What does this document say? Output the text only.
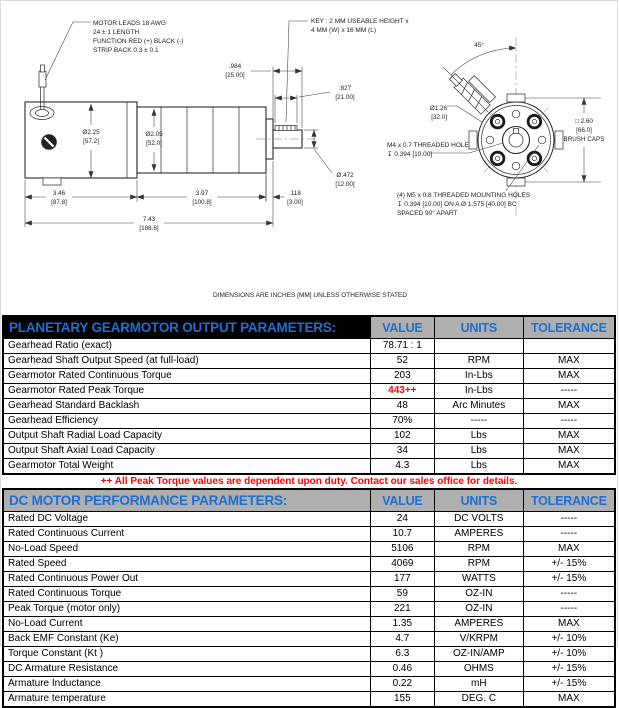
MOTOR LEADS 18 AWG
24 ± 1 LENGTH
FUNCTION RED (+) BLACK (-)
STRIP BACK 0.3 ± 0.1
KEY : 2 MM USEABLE HEIGHT x
4 MM (W) x 16 MM (L)
.984
[25.00]
.827
[21.00]
Ø.472
[12.00]
.118
[3.00]
3.46
[87.8]
3.97
[100.8]
7.43
[188.6]
Ø2.25
[57.2]
Ø2.05
[52.0]
45°
Ø1.26
[32.0]
M4 x 0.7 THREADED HOLE
↧ 0.394 [10.00]
□ 2.60
[66.0]
BRUSH CAPS
(4) M5 x 0.8 THREADED MOUNTING HOLES
↧ 0.394 [10.00] ON A Ø 1.575 [40.00] BC
SPACED 90° APART
DIMENSIONS ARE INCHES [MM] UNLESS OTHERWISE STATED
PLANETARY GEARMOTOR OUTPUT PARAMETERS:	VALUE	UNITS	TOLERANCE
Gearhead Ratio (exact)	78.71 : 1		
Gearhead Shaft Output Speed (at full-load)	52	RPM	MAX
Gearmotor Rated Continuous Torque	203	In-Lbs	MAX
Gearmotor Rated Peak Torque	443++	In-Lbs	-----
Gearhead Standard Backlash	48	Arc Minutes	MAX
Gearhead Efficiency	70%	-----	-----
Output Shaft Radial Load Capacity	102	Lbs	MAX
Output Shaft Axial Load Capacity	34	Lbs	MAX
Gearmotor Total Weight	4.3	Lbs	MAX
++ All Peak Torque values are dependent upon duty. Contact our sales office for details.
DC MOTOR PERFORMANCE PARAMETERS:	VALUE	UNITS	TOLERANCE
Rated DC Voltage	24	DC VOLTS	-----
Rated Continuous Current	10.7	AMPERES	-----
No-Load Speed	5106	RPM	MAX
Rated Speed	4069	RPM	+/- 15%
Rated Continuous Power Out	177	WATTS	+/- 15%
Rated Continuous Torque	59	OZ-IN	-----
Peak Torque (motor only)	221	OZ-IN	-----
No-Load Current	1.35	AMPERES	MAX
Back EMF Constant (Ke)	4.7	V/KRPM	+/- 10%
Torque Constant (Kt )	6.3	OZ-IN/AMP	+/- 10%
DC Armature Resistance	0.46	OHMS	+/- 15%
Armature Inductance	0.22	mH	+/- 15%
Armature temperature	155	DEG. C	MAX
